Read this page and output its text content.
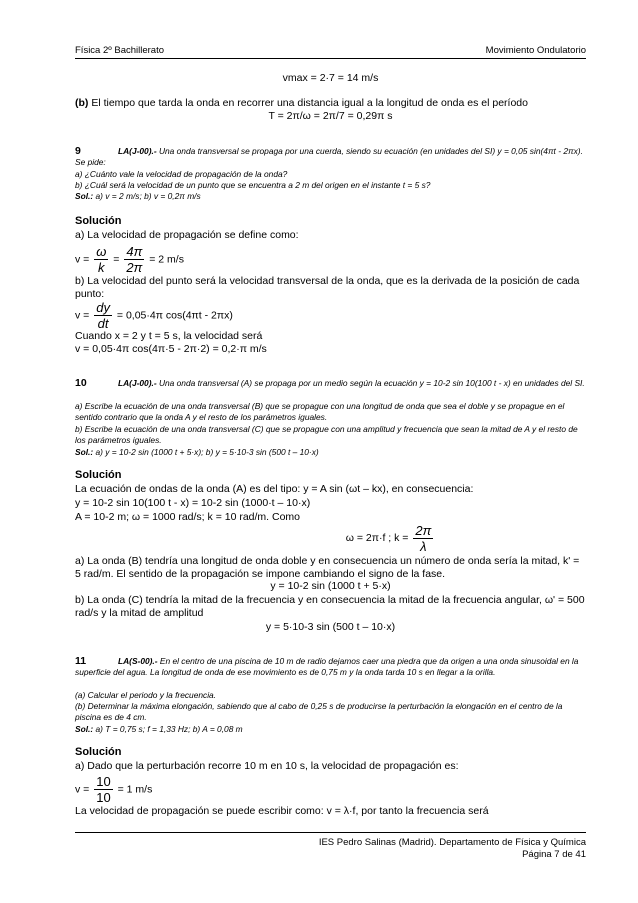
Física 2º Bachillerato	Movimiento Ondulatorio
vmax = 2·7 = 14 m/s
(b) El tiempo que tarda la onda en recorrer una distancia igual a la longitud de onda es el período
T = 2π/ω = 2π/7 = 0,29π s
9	LA(J-00).- Una onda transversal se propaga por una cuerda, siendo su ecuación (en unidades del SI) y = 0,05 sin(4πt - 2πx). Se pide:
a) ¿Cuánto vale la velocidad de propagación de la onda?
b) ¿Cuál será la velocidad de un punto que se encuentra a 2 m del origen en el instante t = 5 s?
Sol.: a) v = 2 m/s; b) v = 0,2π m/s
Solución
a) La velocidad de propagación se define como:
$v = \frac{\omega}{k} = \frac{4\pi}{2\pi} = 2$ m/s
b) La velocidad del punto será la velocidad transversal de la onda, que es la derivada de la posición de cada punto:
$v = \frac{dy}{dt} = 0,05\cdot 4\pi$ cos(4πt - 2πx)
Cuando x = 2 y t = 5 s, la velocidad será
v = 0,05·4π cos(4π·5 - 2π·2) = 0,2·π m/s
10	LA(J-00).- Una onda transversal (A) se propaga por un medio según la ecuación y = 10-2 sin 10(100 t - x) en unidades del SI.
a) Escribe la ecuación de una onda transversal (B) que se propague con una longitud de onda que sea el doble y se propague en el sentido contrario que la onda A y el resto de los parámetros iguales.
b) Escribe la ecuación de una onda transversal (C) que se propague con una amplitud y frecuencia que sean la mitad de A y el resto de los parámetros iguales.
Sol.: a) y = 10-2 sin (1000 t + 5·x); b) y = 5·10-3 sin (500 t – 10·x)
Solución
La ecuación de ondas de la onda (A) es del tipo: y = A sin (ωt – kx), en consecuencia:
y = 10-2 sin 10(100 t - x) = 10-2 sin (1000·t – 10·x)
A = 10-2 m; ω = 1000 rad/s; k = 10 rad/m. Como
ω = 2π·f ; $k = \frac{2\pi}{\lambda}$
a) La onda (B) tendría una longitud de onda doble y en consecuencia un número de onda sería la mitad, k' = 5 rad/m. El sentido de la propagación se impone cambiando el signo de la fase.
y = 10-2 sin (1000 t + 5·x)
b) La onda (C) tendría la mitad de la frecuencia y en consecuencia la mitad de la frecuencia angular, ω' = 500 rad/s y la mitad de amplitud
y = 5·10-3 sin (500 t – 10·x)
11	LA(S-00).- En el centro de una piscina de 10 m de radio dejamos caer una piedra que da origen a una onda sinusoidal en la superficie del agua. La longitud de onda de ese movimiento es de 0,75 m y la onda tarda 10 s en llegar a la orilla.
(a) Calcular el periodo y la frecuencia.
(b) Determinar la máxima elongación, sabiendo que al cabo de 0,25 s de producirse la perturbación la elongación en el centro de la piscina es de 4 cm.
Sol.: a) T = 0,75 s; f = 1,33 Hz; b) A = 0,08 m
Solución
a) Dado que la perturbación recorre 10 m en 10 s, la velocidad de propagación es:
$v = \frac{10}{10} = 1$ m/s
La velocidad de propagación se puede escribir como: v = λ·f, por tanto la frecuencia será
IES Pedro Salinas (Madrid). Departamento de Física y Química
Página 7 de 41
